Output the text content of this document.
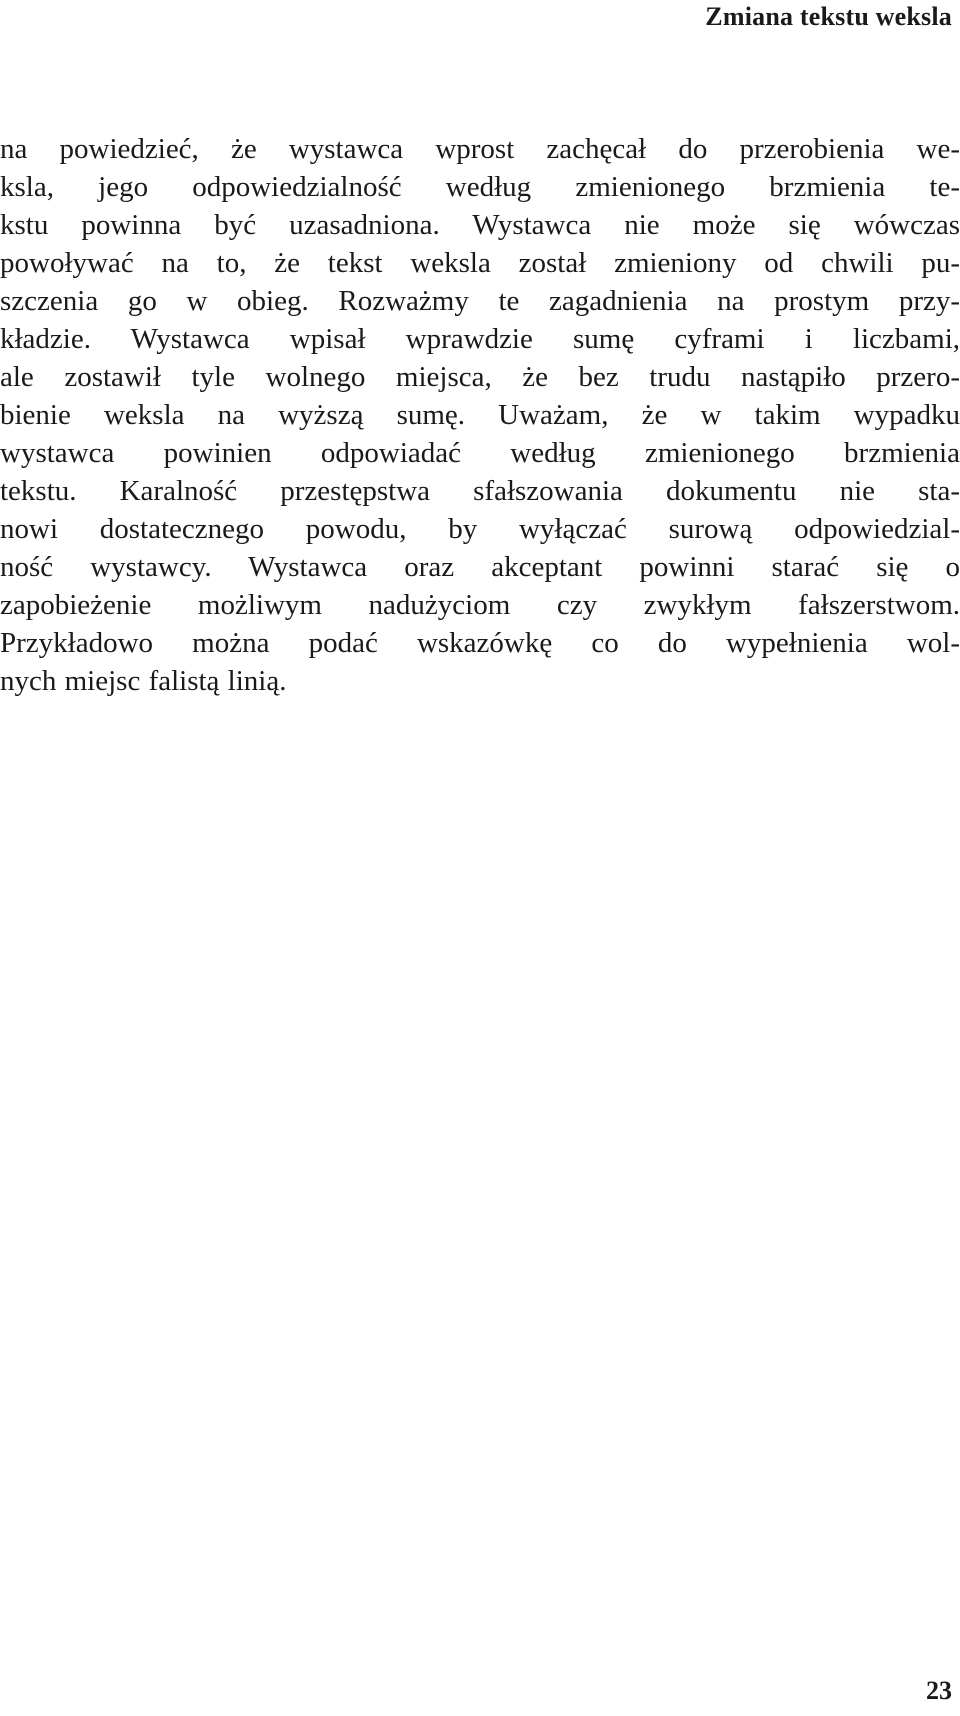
Zmiana tekstu weksla
na powiedzieć, że wystawca wprost zachęcał do przerobienia we-
ksla, jego odpowiedzialność według zmienionego brzmienia te-
kstu powinna być uzasadniona. Wystawca nie może się wówczas
powoływać na to, że tekst weksla został zmieniony od chwili pu-
szczenia go w obieg. Rozważmy te zagadnienia na prostym przy-
kładzie. Wystawca wpisał wprawdzie sumę cyframi i liczbami,
ale zostawił tyle wolnego miejsca, że bez trudu nastąpiło przero-
bienie weksla na wyższą sumę. Uważam, że w takim wypadku
wystawca powinien odpowiadać według zmienionego brzmienia
tekstu. Karalność przestępstwa sfałszowania dokumentu nie sta-
nowi dostatecznego powodu, by wyłączać surową odpowiedzial-
ność wystawcy. Wystawca oraz akceptant powinni starać się o
zapobieżenie możliwym nadużyciom czy zwykłym fałszerstwom.
Przykładowo można podać wskazówkę co do wypełnienia wol-
nych miejsc falistą linią.
23
